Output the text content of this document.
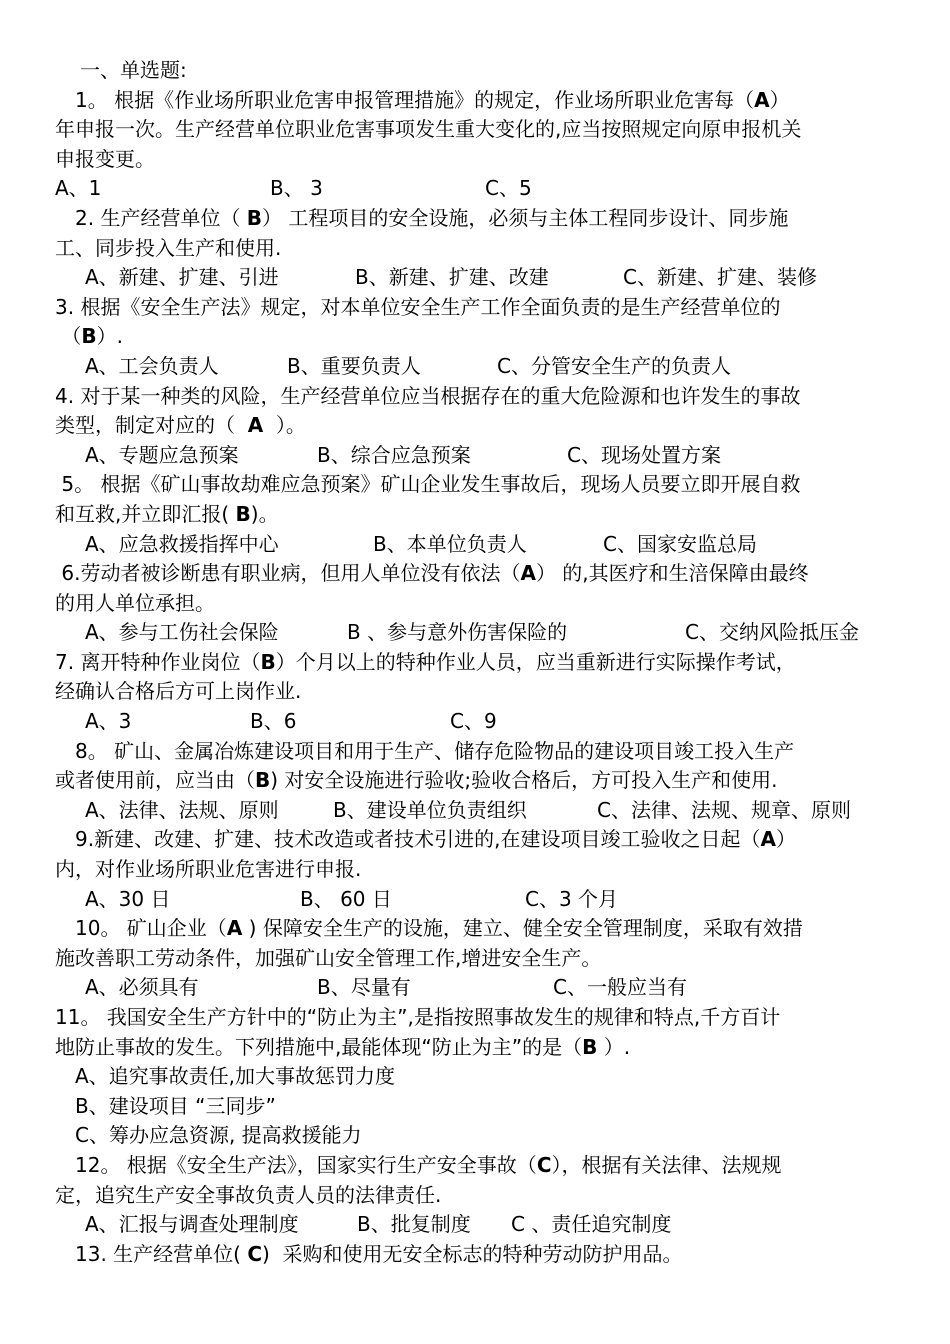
一、单选题:
　1。 根据《作业场所职业危害申报管理措施》的规定，作业场所职业危害每（A）
年申报一次。生产经营单位职业危害事项发生重大变化的,应当按照规定向原申报机关
申报变更。
A、1	B、 3	C、5
　2. 生产经营单位（ B） 工程项目的安全设施，必须与主体工程同步设计、同步施
工、同步投入生产和使用.
A、新建、扩建、引进	B、新建、扩建、改建	C、新建、扩建、装修
3. 根据《安全生产法》规定，对本单位安全生产工作全面负责的是生产经营单位的
（B）.
A、工会负责人	B、重要负责人	C、分管安全生产的负责人
4. 对于某一种类的风险，生产经营单位应当根据存在的重大危险源和也许发生的事故
类型，制定对应的（  A  ）。
A、专题应急预案	B、综合应急预案	C、现场处置方案
5。 根据《矿山事故劫难应急预案》矿山企业发生事故后，现场人员要立即开展自救
和互救,并立即汇报( B)。
A、应急救援指挥中心	B、本单位负责人	C、国家安监总局
6.劳动者被诊断患有职业病，但用人单位没有依法（A） 的,其医疗和生涪保障由最终
的用人单位承担。
A、参与工伤社会保险	B 、参与意外伤害保险的	C、交纳风险抵压金
7. 离开特种作业岗位（B）个月以上的特种作业人员，应当重新进行实际操作考试，
经确认合格后方可上岗作业.
A、3	B、6	C、9
　8。 矿山、金属冶炼建设项目和用于生产、储存危险物品的建设项目竣工投入生产
或者使用前，应当由（B) 对安全设施进行验收;验收合格后，方可投入生产和使用.
A、法律、法规、原则	B、建设单位负责组织	C、法律、法规、规章、原则
　9.新建、改建、扩建、技术改造或者技术引进的,在建设项目竣工验收之日起（A）
内，对作业场所职业危害进行申报.
A、30 日	B、 60 日	C、3 个月
　10。 矿山企业（A ) 保障安全生产的设施，建立、健全安全管理制度，采取有效措
施改善职工劳动条件，加强矿山安全管理工作,增进安全生产。
A、必须具有	B、尽量有	C、一般应当有
11。 我国安全生产方针中的“防止为主”,是指按照事故发生的规律和特点,千方百计
地防止事故的发生。下列措施中,最能体现“防止为主”的是（B ）.
　A、追究事故责任,加大事故惩罚力度
　B、建设项目 “三同步”
　C、筹办应急资源, 提高救援能力
　12。 根据《安全生产法》，国家实行生产安全事故（C），根据有关法律、法规规
定，追究生产安全事故负责人员的法律责任.
A、汇报与调查处理制度	B、批复制度 C 、责任追究制度
　13. 生产经营单位( C)  采购和使用无安全标志的特种劳动防护用品。
